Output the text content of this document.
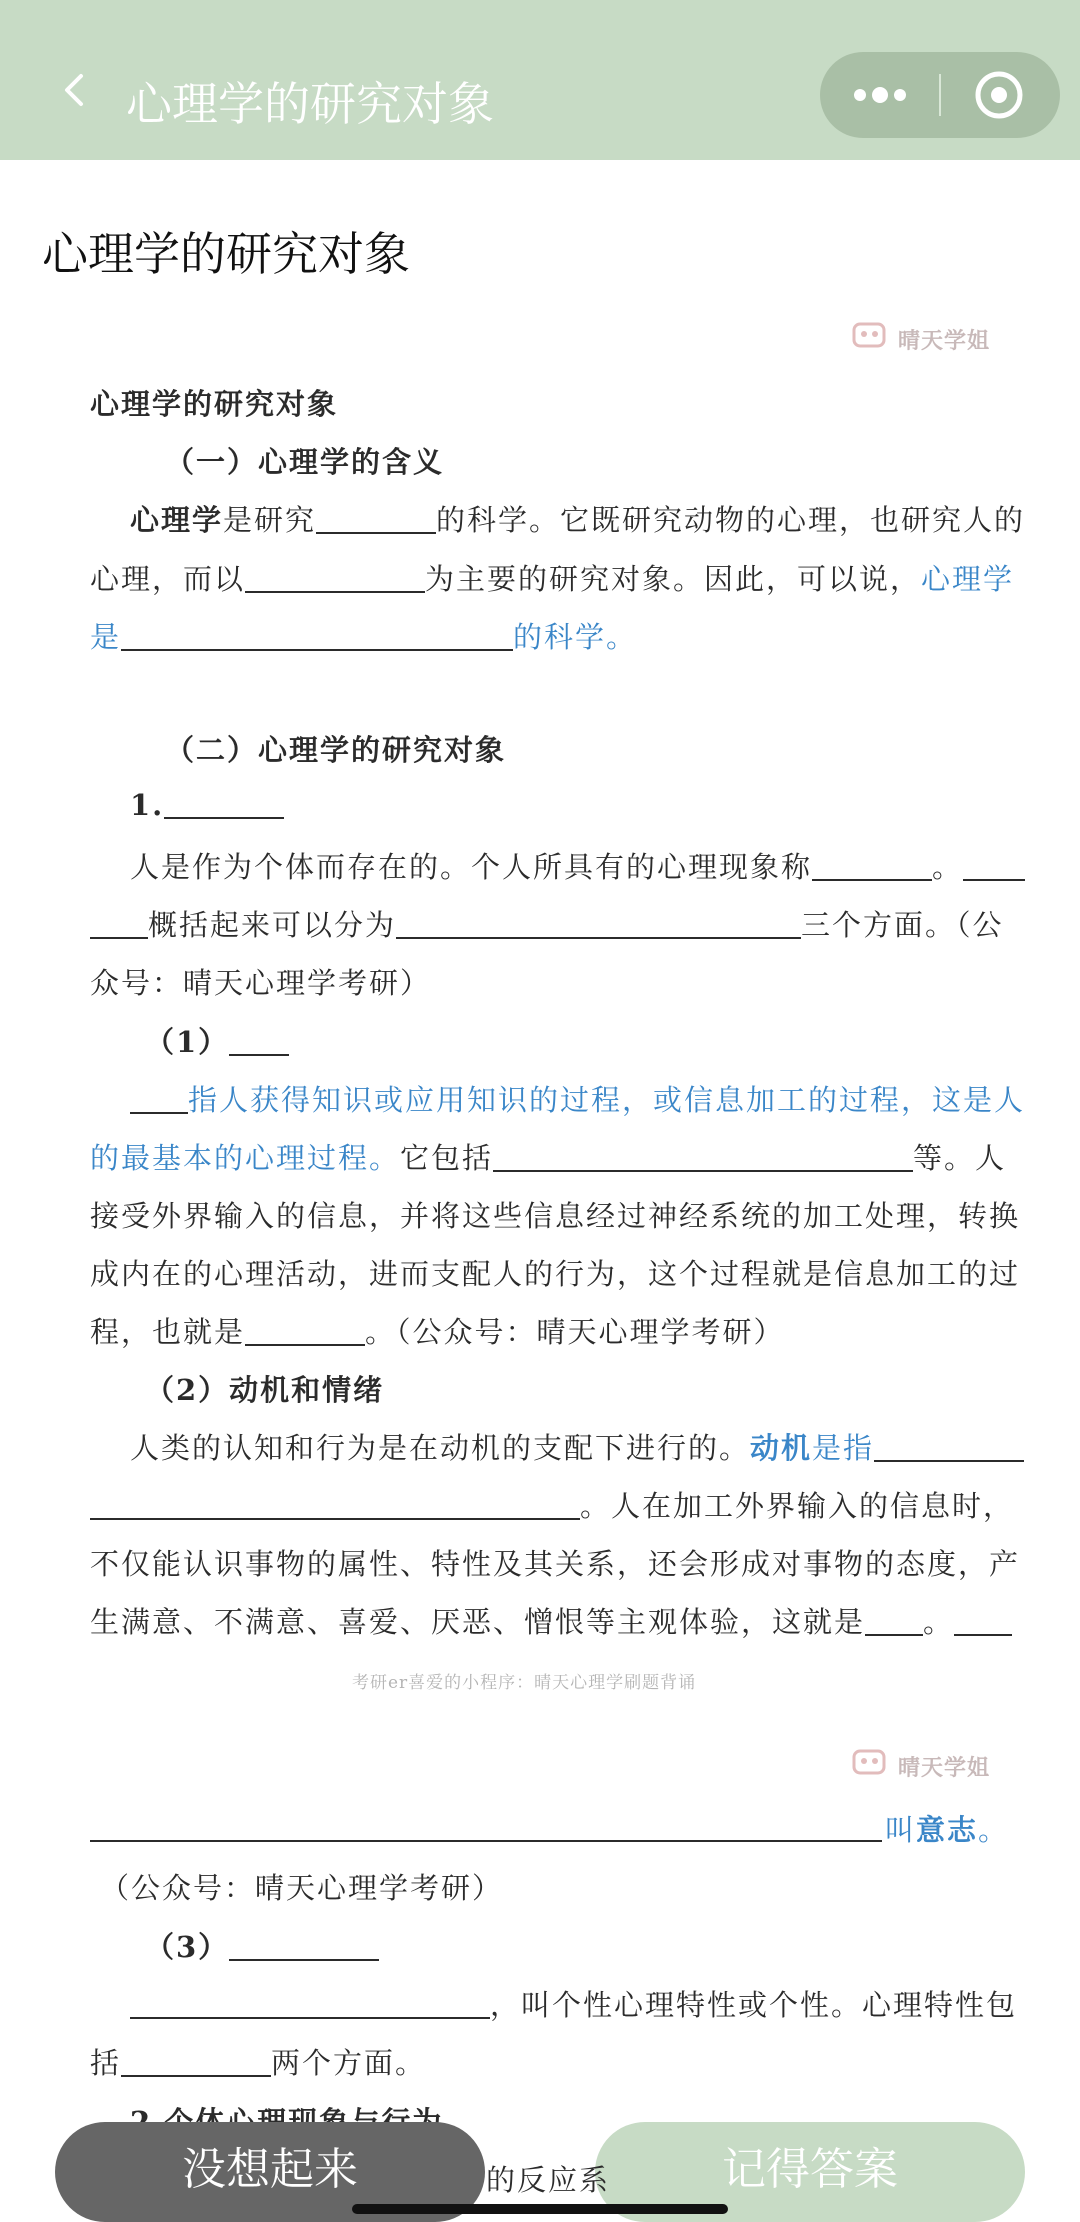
心理学的研究对象
心理学的研究对象
晴天学姐
心理学的研究对象
（一）心理学的含义
心理学是研究	的科学。它既研究动物的心理，也研究人的
心理，而以	为主要的研究对象。因此，可以说，心理学
是	的科学。
（二）心理学的研究对象
1.
人是作为个体而存在的。个人所具有的心理现象称	。
概括起来可以分为	三个方面。（公
众号：晴天心理学考研）
（1）
指人获得知识或应用知识的过程，或信息加工的过程，这是人
的最基本的心理过程。它包括	等。人
接受外界输入的信息，并将这些信息经过神经系统的加工处理，转换
成内在的心理活动，进而支配人的行为，这个过程就是信息加工的过
程，也就是	。（公众号：晴天心理学考研）
（2）动机和情绪
人类的认知和行为是在动机的支配下进行的。动机是指
。人在加工外界输入的信息时，
不仅能认识事物的属性、特性及其关系，还会形成对事物的态度，产
生满意、不满意、喜爱、厌恶、憎恨等主观体验，这就是 。
考研er喜爱的小程序：晴天心理学刷题背诵
晴天学姐
叫意志。
（公众号：晴天心理学考研）
（3）
，叫个性心理特性或个性。心理特性包
括	两个方面。
的反应系
没想起来	记得答案
